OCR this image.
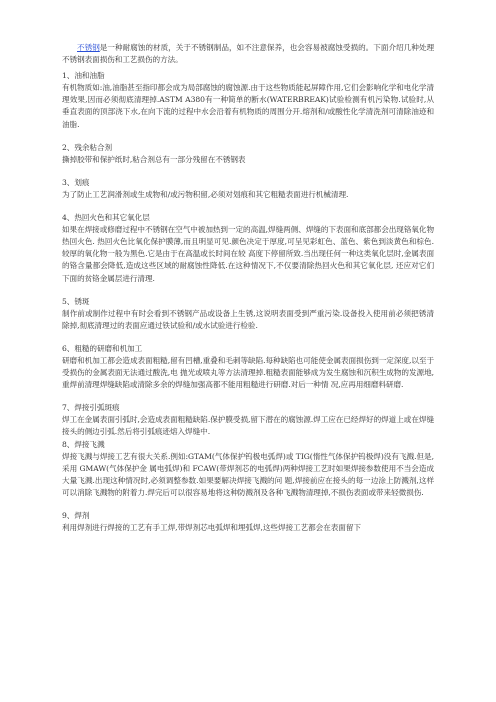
不锈钢是一种耐腐蚀的材质，关于不锈钢制品，如不注意保养，也会容易被腐蚀受损的。下面介绍几种处理不锈钢表面损伤和工艺损伤的方法。

1、油和油脂

有机物质如:油,油脂甚至指印都会成为局部腐蚀的腐蚀源.由于这些物质能起屏障作用,它们会影响化学和电化学清理效果,因而必须彻底清理掉.ASTM A380有一种简单的断水(WATERBREAK)试验检测有机污染物.试验时,从垂直表面的顶部浇下水,在向下流的过程中水会沿着有机物质的周围分开.熔剂和/或酸性化学清洗剂可清除油迹和油脂.

2、残余粘合剂

撕掉胶带和保护纸时,粘合剂总有一部分残留在不锈钢表

3、划痕

为了防止工艺润滑剂或生成物和/或污物积留,必须对划痕和其它粗糙表面进行机械清理.

4、热回火色和其它氧化层

如果在焊接或修磨过程中不锈钢在空气中被加热到一定的高温,焊缝两侧、焊缝的下表面和底部都会出现铬氧化物热回火色. 热回火色比氧化保护膜薄,而且明显可见.颜色决定于厚度,可呈见彩虹色、蓝色、紫色到淡黄色和棕色.较厚的氧化物一般为黑色.它是由于在高温或长时间在较 高度下停留所致.当出现任何一种这类氧化层时,金属表面的铬含量都会降低,造成这些区域的耐腐蚀性降低.在这种情况下,不仅要清除热回火色和其它氧化层, 还应对它们下面的贫铬金属层进行清理.

5、锈斑

制作前或制作过程中有时会看到不锈钢产品或设备上生锈,这说明表面受到严重污染.设备投入使用前必须把锈清除掉,彻底清理过的表面应通过铁试验和/或水试验进行检验.

6、粗糙的研磨和机加工

研磨和机加工都会造成表面粗糙,留有凹槽,重叠和毛刺等缺陷.每种缺陷也可能使金属表面损伤到一定深度,以至于受损伤的金属表面无法通过酸洗,电 抛光或喷丸等方法清理掉.粗糙表面能够成为发生腐蚀和沉积生成物的发源地,重焊前清理焊缝缺陷或清除多余的焊缝加强高都不能用粗糙进行研磨.对后一种情 况,应再用细磨料研磨.

7、焊接引弧斑痕

焊工在金属表面引弧时,会造成表面粗糙缺陷.保护膜受损,留下潜在的腐蚀源.焊工应在已经焊好的焊道上或在焊缝接头的侧边引弧.然后将引弧痕迹熔入焊缝中.

8、焊接飞溅

焊接飞溅与焊接工艺有很大关系.例如:GTAM(气体保护钨极电弧焊)或 TIG(惰性气体保护钨极焊)没有飞溅.但是,采用 GMAW(气体保护金 属电弧焊)和 FCAW(带焊剂芯的电弧焊)两种焊接工艺时如果焊接参数使用不当会造成大量飞溅.出现这种情况时,必须调整参数.如果要解决焊接飞溅的问 题,焊接前应在接头的每一边涂上防溅剂,这样可以消除飞溅物的附着力.焊完后可以很容易地将这种防溅剂及各种飞溅物清理掉,不损伤表面或带来轻微损伤.

9、焊剂

利用焊剂进行焊接的工艺有手工焊,带焊剂芯电弧焊和埋弧焊,这些焊接工艺都会在表面留下
